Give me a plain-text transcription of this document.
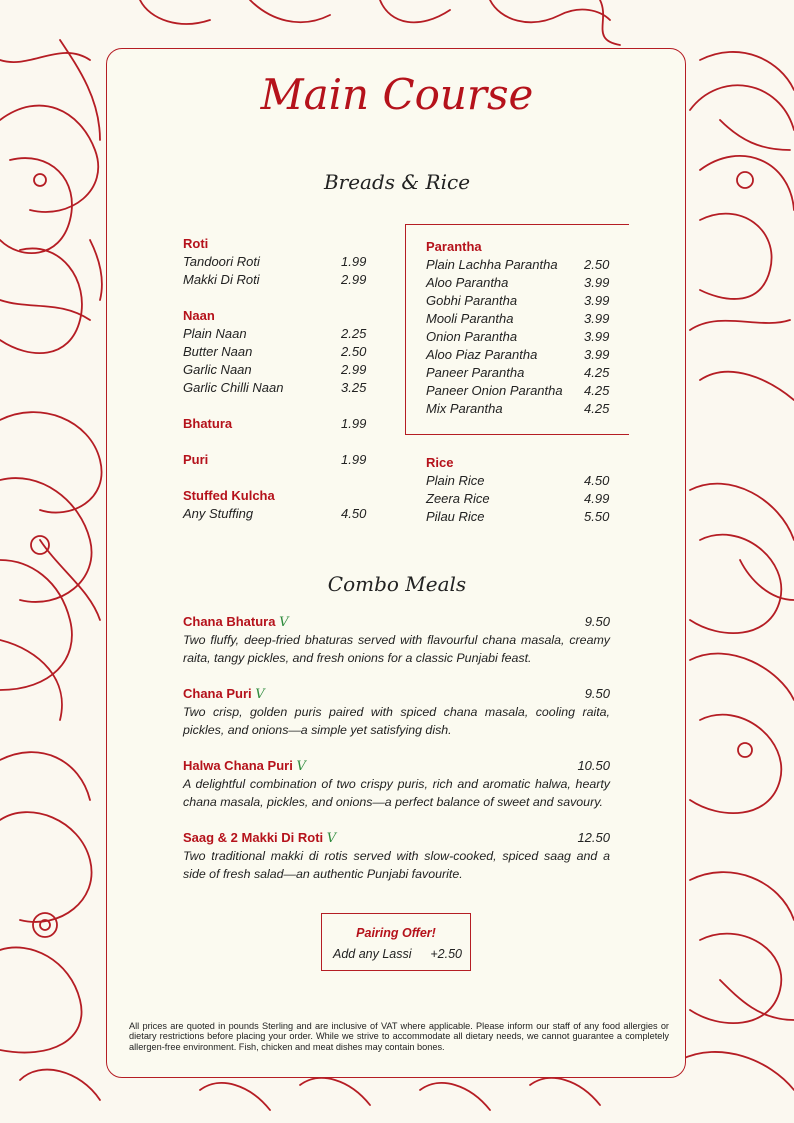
Main Course
Breads & Rice
Roti
Tandoori Roti	1.99
Makki Di Roti	2.99
Naan
Plain Naan	2.25
Butter Naan	2.50
Garlic Naan	2.99
Garlic Chilli Naan	3.25
Bhatura	1.99
Puri	1.99
Stuffed Kulcha
Any Stuffing	4.50
Parantha
Plain Lachha Parantha 2.50
Aloo Parantha	3.99
Gobhi Parantha	3.99
Mooli Parantha	3.99
Onion Parantha	3.99
Aloo Piaz Parantha	3.99
Paneer Parantha	4.25
Paneer Onion Parantha 4.25
Mix Parantha	4.25
Rice
Plain Rice	4.50
Zeera Rice	4.99
Pilau Rice	5.50
Combo Meals
Chana Bhatura V	9.50
Two fluffy, deep-fried bhaturas served with flavourful chana masala, creamy raita, tangy pickles, and fresh onions for a classic Punjabi feast.
Chana Puri V	9.50
Two crisp, golden puris paired with spiced chana masala, cooling raita, pickles, and onions—a simple yet satisfying dish.
Halwa Chana Puri V	10.50
A delightful combination of two crispy puris, rich and aromatic halwa, hearty chana masala, pickles, and onions—a perfect balance of sweet and savoury.
Saag & 2 Makki Di Roti V	12.50
Two traditional makki di rotis served with slow-cooked, spiced saag and a side of fresh salad—an authentic Punjabi favourite.
Pairing Offer!
Add any Lassi +2.50
All prices are quoted in pounds Sterling and are inclusive of VAT where applicable. Please inform our staff of any food allergies or dietary restrictions before placing your order. While we strive to accommodate all dietary needs, we cannot guarantee a completely allergen-free environment. Fish, chicken and meat dishes may contain bones.
